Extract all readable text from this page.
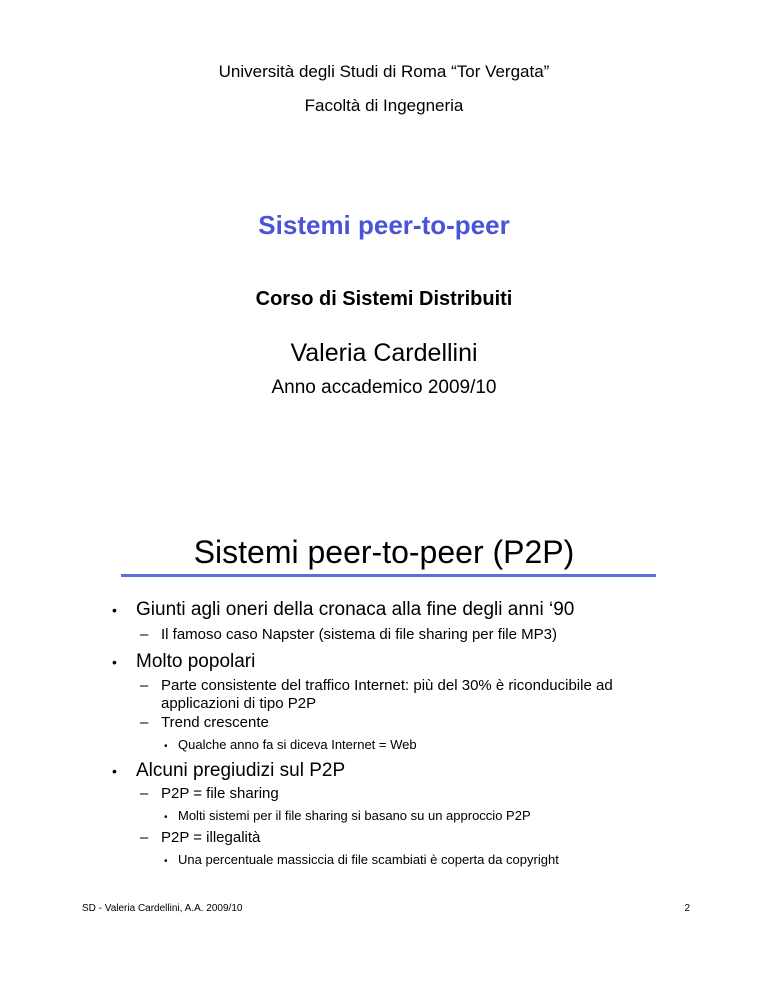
Università degli Studi di Roma “Tor Vergata”
Facoltà di Ingegneria
Sistemi peer-to-peer
Corso di Sistemi Distribuiti
Valeria Cardellini
Anno accademico 2009/10
Sistemi peer-to-peer (P2P)
•	Giunti agli oneri della cronaca alla fine degli anni ‘90
– Il famoso caso Napster (sistema di file sharing per file MP3)
•	Molto popolari
– Parte consistente del traffico Internet: più del 30% è riconducibile ad applicazioni di tipo P2P
– Trend crescente
• Qualche anno fa si diceva Internet = Web
•	Alcuni pregiudizi sul P2P
– P2P = file sharing
• Molti sistemi per il file sharing si basano su un approccio P2P
– P2P = illegalità
• Una percentuale massiccia di file scambiati è coperta da copyright
SD - Valeria Cardellini, A.A. 2009/10	2
